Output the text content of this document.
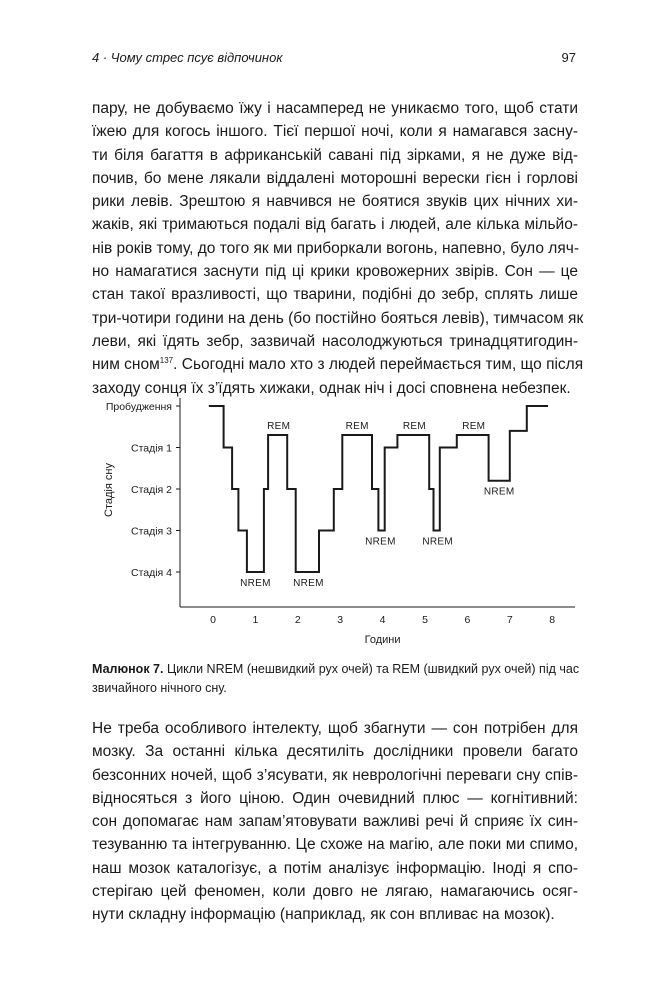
4 · Чому стрес псує відпочинок	97
пару, не добуваємо їжу і насамперед не уникаємо того, щоб стати
їжею для когось іншого. Тієї першої ночі, коли я намагався засну-
ти біля багаття в африканській савані під зірками, я не дуже від-
почив, бо мене лякали віддалені моторошні верески гієн і горлові
рики левів. Зрештою я навчився не боятися звуків цих нічних хи-
жаків, які тримаються подалі від багать і людей, але кілька мільйо-
нів років тому, до того як ми приборкали вогонь, напевно, було ляч-
но намагатися заснути під ці крики кровожерних звірів. Сон — це
стан такої вразливості, що тварини, подібні до зебр, сплять лише
три-чотири години на день (бо постійно бояться левів), тимчасом як
леви, які їдять зебр, зазвичай насолоджуються тринадцятигодин-
ним сном$^{137}$. Сьогодні мало хто з людей переймається тим, що після
заходу сонця їх з’їдять хижаки, однак ніч і досі сповнена небезпек.
Пробудження
Стадія 1
Стадія 2
Стадія 3
Стадія 4
0	1	2	3	4	5	6	7	8
NREM
REM
NREM
REM
NREM
REM
NREM
REM
NREM
Стадія сну
Години
Малюнок 7. Цикли NREM (нешвидкий рух очей) та REM (швидкий рух очей) під час
звичайного нічного сну.
Не треба особливого інтелекту, щоб збагнути — сон потрібен для
мозку. За останні кілька десятиліть дослідники провели багато
безсонних ночей, щоб з’ясувати, як неврологічні переваги сну спів-
відносяться з його ціною. Один очевидний плюс — когнітивний:
сон допомагає нам запам’ятовувати важливі речі й сприяє їх син-
тезуванню та інтегруванню. Це схоже на магію, але поки ми спимо,
наш мозок каталогізує, а потім аналізує інформацію. Іноді я спо-
стерігаю цей феномен, коли довго не лягаю, намагаючись осяг-
нути складну інформацію (наприклад, як сон впливає на мозок).
